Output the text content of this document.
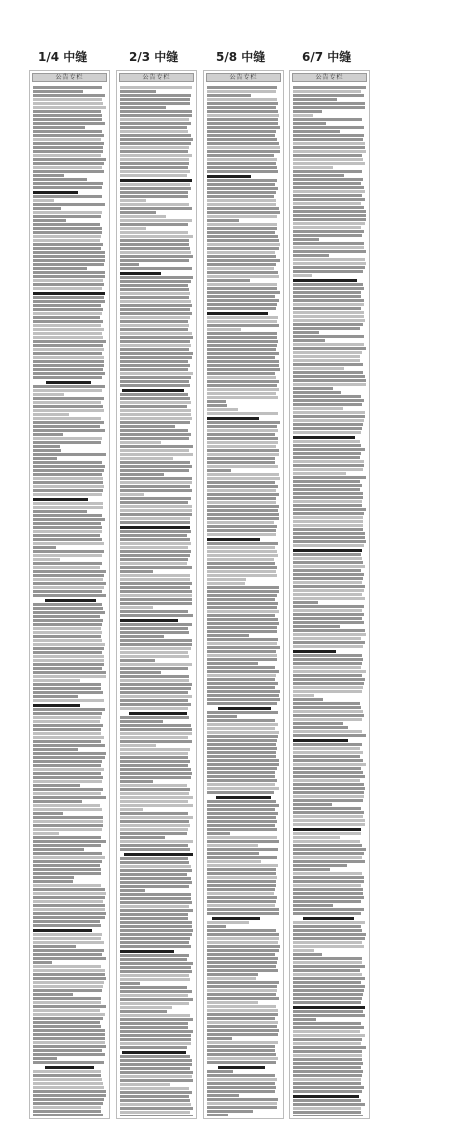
1/4 中缝	2/3 中缝	5/8 中缝	6/7 中缝
公告专栏	公告专栏	公告专栏	公告专栏
